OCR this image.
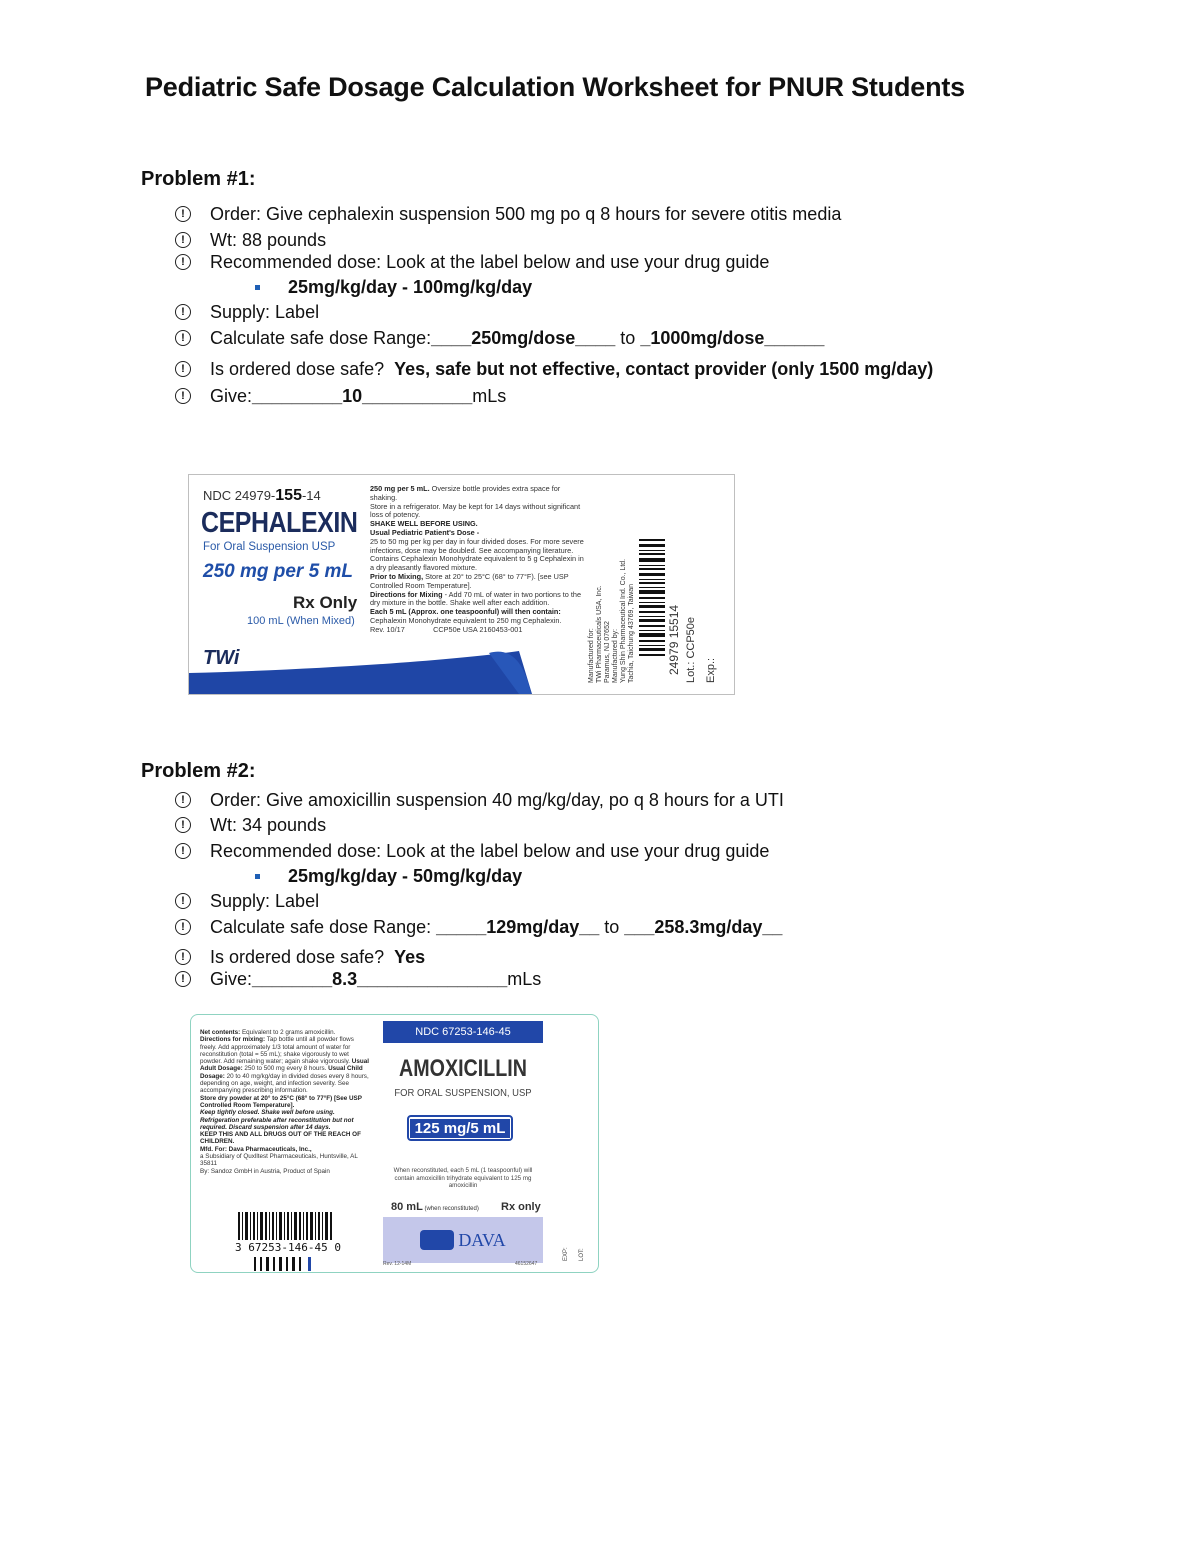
Pediatric Safe Dosage Calculation Worksheet for PNUR Students
Problem #1:
!	Order: Give cephalexin suspension 500 mg po q 8 hours for severe otitis media
!	Wt: 88 pounds
!	Recommended dose: Look at the label below and use your drug guide
25mg/kg/day - 100mg/kg/day
!	Supply: Label
!	Calculate safe dose Range: ____250mg/dose____ to _1000mg/dose______
!	Is ordered dose safe? Yes, safe but not effective, contact provider (only 1500 mg/day)
!	Give: _________10___________ mLs
NDC 24979-155-14
CEPHALEXIN
For Oral Suspension USP
250 mg per 5 mL
Rx Only
100 mL (When Mixed)
TWi
250 mg per 5 mL. Oversize bottle provides extra space for shaking.
Store in a refrigerator. May be kept for 14 days without significant loss of potency.
SHAKE WELL BEFORE USING.
Usual Pediatric Patient's Dose -
25 to 50 mg per kg per day in four divided doses. For more severe infections, dose may be doubled. See accompanying literature.
Contains Cephalexin Monohydrate equivalent to 5 g Cephalexin in a dry pleasantly flavored mixture.
Prior to Mixing, Store at 20° to 25°C (68° to 77°F). [see USP Controlled Room Temperature].
Directions for Mixing - Add 70 mL of water in two portions to the dry mixture in the bottle. Shake well after each addition.
Each 5 mL (Approx. one teaspoonful) will then contain:
Cephalexin Monohydrate equivalent to 250 mg Cephalexin.
Rev. 10/17	CCP50e USA 2160453-001	Manufactured for:
TWi Pharmaceuticals USA, Inc.
Paramus, NJ 07652
Manufactured by:
Yung Shin Pharmaceutical Ind. Co., Ltd.
Tachia, Taichung 43769, Taiwan	24979 15514 Lot.: CCP50e Exp.:
Problem #2:
!	Order: Give amoxicillin suspension 40 mg/kg/day, po q 8 hours for a UTI
!	Wt: 34 pounds
!	Recommended dose: Look at the label below and use your drug guide
25mg/kg/day - 50mg/kg/day
!	Supply: Label
!	Calculate safe dose Range: _____129mg/day__ to ___258.3mg/day__
!	Is ordered dose safe? Yes
!	Give: ________8.3_______________ mLs
Net contents: Equivalent to 2 grams amoxicillin.
Directions for mixing: Tap bottle until all powder flows freely. Add approximately 1/3 total amount of water for reconstitution (total = 55 mL); shake vigorously to wet powder. Add remaining water; again shake vigorously. Usual Adult Dosage: 250 to 500 mg every 8 hours. Usual Child Dosage: 20 to 40 mg/kg/day in divided doses every 8 hours, depending on age, weight, and infection severity. See accompanying prescribing information.
Store dry powder at 20° to 25°C (68° to 77°F) [See USP Controlled Room Temperature].
Keep tightly closed. Shake well before using. Refrigeration preferable after reconstitution but not required. Discard suspension after 14 days.
KEEP THIS AND ALL DRUGS OUT OF THE REACH OF CHILDREN.
Mfd. For: Dava Pharmaceuticals, Inc.,
a Subsidiary of Quxlltest Pharmaceuticals, Huntsville, AL 35811
By: Sandoz GmbH in Austria, Product of Spain
3 67253-146-45 0
NDC 67253-146-45
AMOXICILLIN
FOR ORAL SUSPENSION, USP
125 mg/5 mL
When reconstituted, each 5 mL (1 teaspoonful) will contain amoxicillin trihydrate equivalent to 125 mg amoxicillin
80 mL (when reconstituted) Rx only
DAVA
Rev. 12-14M	46152647
EXP: LOT:
